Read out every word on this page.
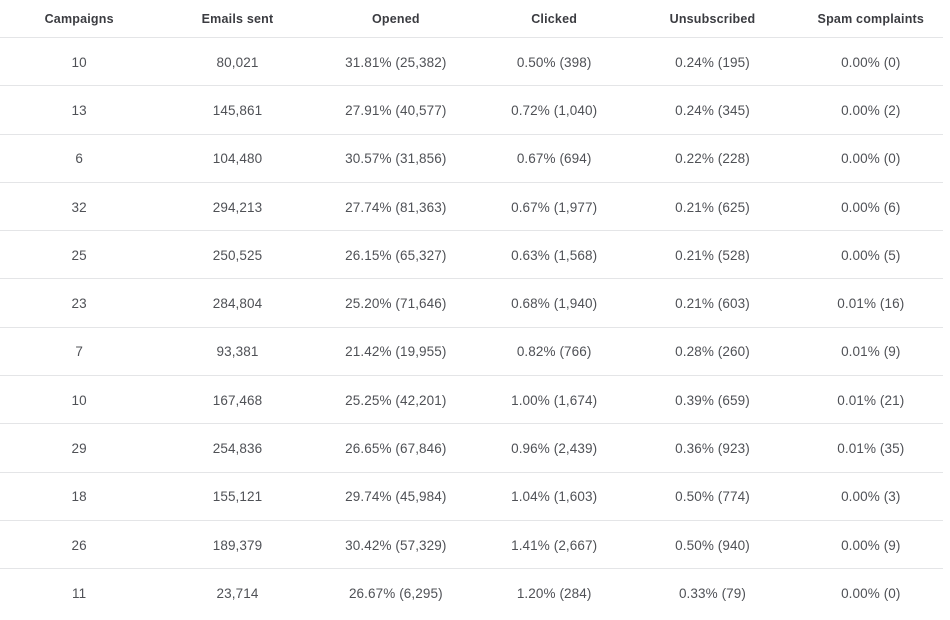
Campaigns	Emails sent	Opened	Clicked	Unsubscribed	Spam complaints
10	80,021	31.81% (25,382)	0.50% (398)	0.24% (195)	0.00% (0)
13	145,861	27.91% (40,577)	0.72% (1,040)	0.24% (345)	0.00% (2)
6	104,480	30.57% (31,856)	0.67% (694)	0.22% (228)	0.00% (0)
32	294,213	27.74% (81,363)	0.67% (1,977)	0.21% (625)	0.00% (6)
25	250,525	26.15% (65,327)	0.63% (1,568)	0.21% (528)	0.00% (5)
23	284,804	25.20% (71,646)	0.68% (1,940)	0.21% (603)	0.01% (16)
7	93,381	21.42% (19,955)	0.82% (766)	0.28% (260)	0.01% (9)
10	167,468	25.25% (42,201)	1.00% (1,674)	0.39% (659)	0.01% (21)
29	254,836	26.65% (67,846)	0.96% (2,439)	0.36% (923)	0.01% (35)
18	155,121	29.74% (45,984)	1.04% (1,603)	0.50% (774)	0.00% (3)
26	189,379	30.42% (57,329)	1.41% (2,667)	0.50% (940)	0.00% (9)
11	23,714	26.67% (6,295)	1.20% (284)	0.33% (79)	0.00% (0)
